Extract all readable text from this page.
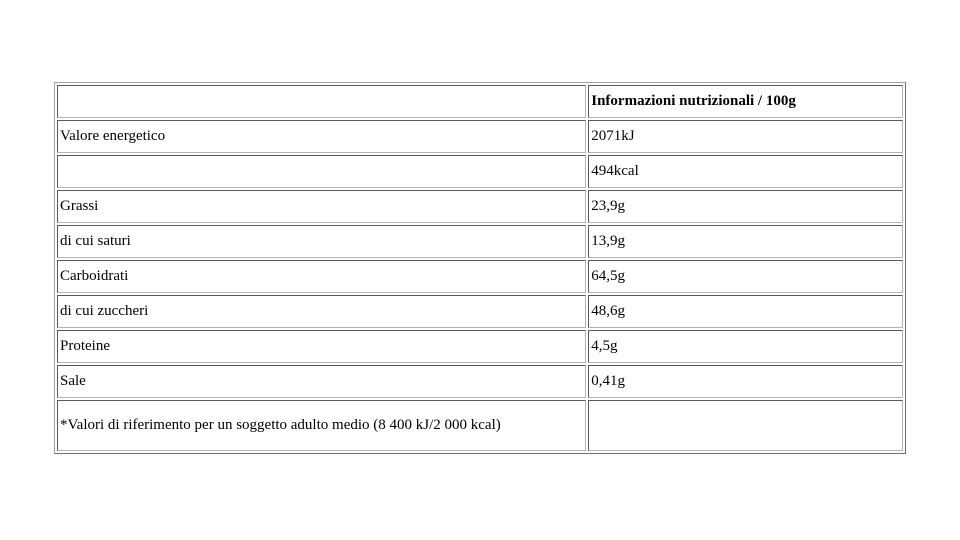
	Informazioni nutrizionali / 100g
Valore energetico	2071kJ
	494kcal
Grassi	23,9g
di cui saturi	13,9g
Carboidrati	64,5g
di cui zuccheri	48,6g
Proteine	4,5g
Sale	0,41g
*Valori di riferimento per un soggetto adulto medio (8 400 kJ/2 000 kcal)	
